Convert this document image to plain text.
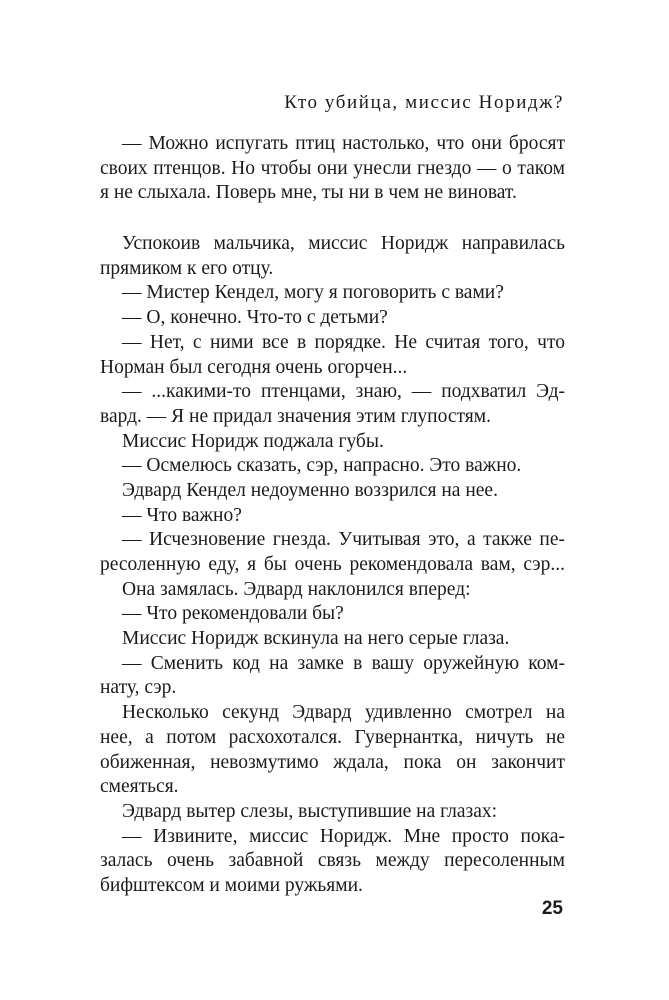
Кто убийца, миссис Норидж?
— Можно испугать птиц настолько, что они бросят
своих птенцов. Но чтобы они унесли гнездо — о таком
я не слыхала. Поверь мне, ты ни в чем не виноват.
Успокоив мальчика, миссис Норидж направилась
прямиком к его отцу.
— Мистер Кендел, могу я поговорить с вами?
— О, конечно. Что-то с детьми?
— Нет, с ними все в порядке. Не считая того, что
Норман был сегодня очень огорчен...
— ...какими-то птенцами, знаю, — подхватил Эд-
вард. — Я не придал значения этим глупостям.
Миссис Норидж поджала губы.
— Осмелюсь сказать, сэр, напрасно. Это важно.
Эдвард Кендел недоуменно воззрился на нее.
— Что важно?
— Исчезновение гнезда. Учитывая это, а также пе-
ресоленную еду, я бы очень рекомендовала вам, сэр...
Она замялась. Эдвард наклонился вперед:
— Что рекомендовали бы?
Миссис Норидж вскинула на него серые глаза.
— Сменить код на замке в вашу оружейную ком-
нату, сэр.
Несколько секунд Эдвард удивленно смотрел на
нее, а потом расхохотался. Гувернантка, ничуть не
обиженная, невозмутимо ждала, пока он закончит
смеяться.
Эдвард вытер слезы, выступившие на глазах:
— Извините, миссис Норидж. Мне просто пока-
залась очень забавной связь между пересоленным
бифштексом и моими ружьями.
25
